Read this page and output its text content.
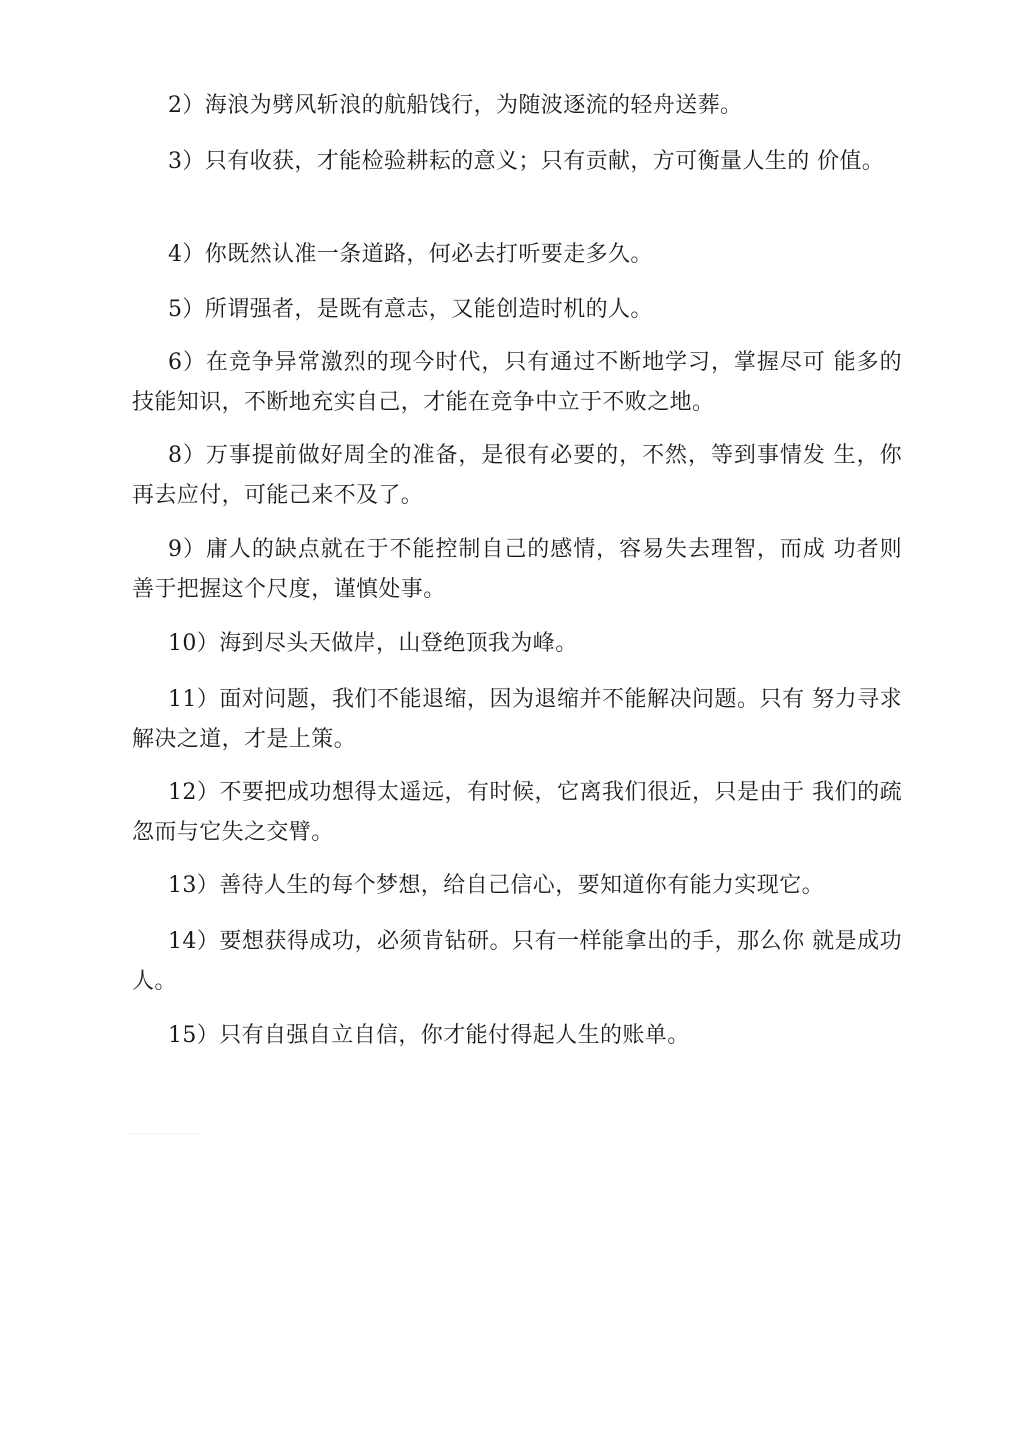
2）海浪为劈风斩浪的航船饯行，为随波逐流的轻舟送葬。

3）只有收获，才能检验耕耘的意义；只有贡献，方可衡量人生的 价值。

4）你既然认准一条道路，何必去打听要走多久。

5）所谓强者，是既有意志，又能创造时机的人。

6）在竞争异常激烈的现今时代，只有通过不断地学习，掌握尽可 能多的技能知识，不断地充实自己，才能在竞争中立于不败之地。

8）万事提前做好周全的准备，是很有必要的，不然，等到事情发 生，你再去应付，可能己来不及了。

9）庸人的缺点就在于不能控制自己的感情，容易失去理智，而成 功者则善于把握这个尺度，谨慎处事。

10）海到尽头天做岸，山登绝顶我为峰。

11）面对问题，我们不能退缩，因为退缩并不能解决问题。只有 努力寻求解决之道，才是上策。

12）不要把成功想得太遥远，有时候，它离我们很近，只是由于 我们的疏忽而与它失之交臂。

13）善待人生的每个梦想，给自己信心，要知道你有能力实现它。

14）要想获得成功，必须肯钻研。只有一样能拿出的手，那么你 就是成功人。

15）只有自强自立自信，你才能付得起人生的账单。
